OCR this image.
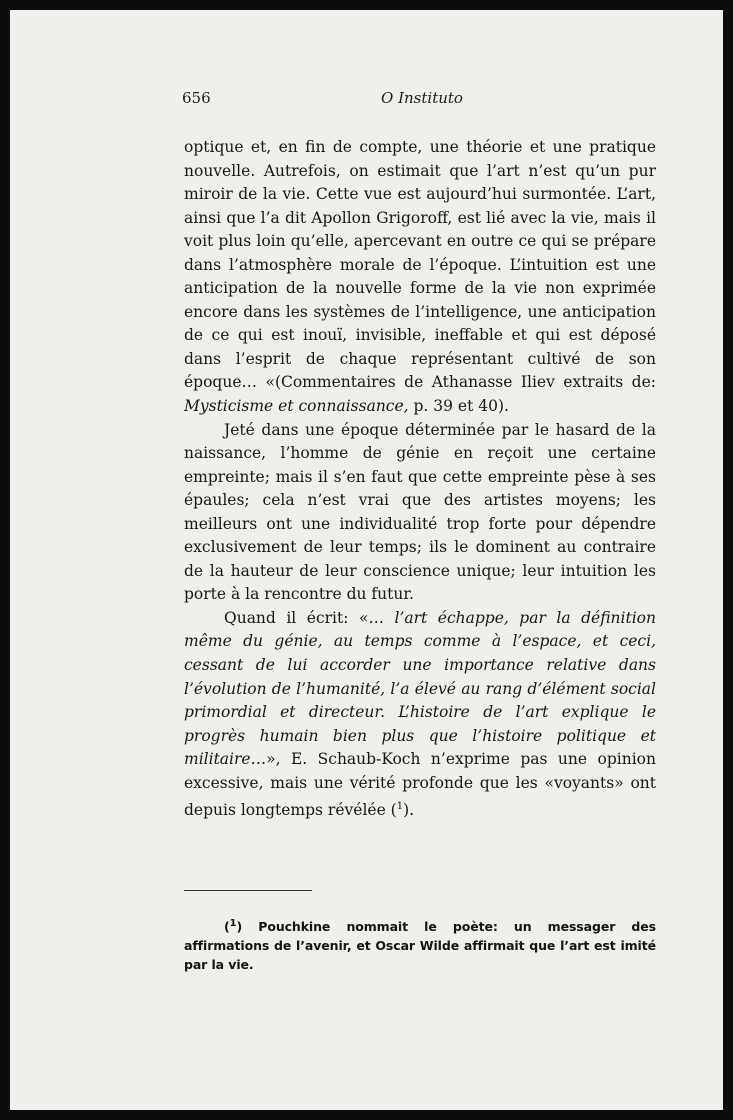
656	O Instituto

optique et, en fin de compte, une théorie et une pratique nouvelle. Autrefois, on estimait que l’art n’est qu’un pur miroir de la vie. Cette vue est aujourd’hui surmontée. L’art, ainsi que l’a dit Apollon Grigoroff, est lié avec la vie, mais il voit plus loin qu’elle, apercevant en outre ce qui se prépare dans l’atmosphère morale de l’époque. L’intuition est une anticipation de la nouvelle forme de la vie non exprimée encore dans les systèmes de l’intelligence, une anticipation de ce qui est inouï, invisible, ineffable et qui est déposé dans l’esprit de chaque représentant cultivé de son époque… «(Commentaires de Athanasse Iliev extraits de: Mysticisme et connaissance, p. 39 et 40).

Jeté dans une époque déterminée par le hasard de la naissance, l’homme de génie en reçoit une certaine empreinte; mais il s’en faut que cette empreinte pèse à ses épaules; cela n’est vrai que des artistes moyens; les meilleurs ont une individualité trop forte pour dépendre exclusivement de leur temps; ils le dominent au contraire de la hauteur de leur conscience unique; leur intuition les porte à la rencontre du futur.

Quand il écrit: «… l’art échappe, par la définition même du génie, au temps comme à l’espace, et ceci, cessant de lui accorder une importance relative dans l’évolution de l’humanité, l’a élevé au rang d’élément social primordial et directeur. L’histoire de l’art explique le progrès humain bien plus que l’histoire politique et militaire…», E. Schaub-Koch n’exprime pas une opinion excessive, mais une vérité profonde que les «voyants» ont depuis longtemps révélée ($^1$).

($^1$) Pouchkine nommait le poète: un messager des affirmations de l’avenir, et Oscar Wilde affirmait que l’art est imité par la vie.
